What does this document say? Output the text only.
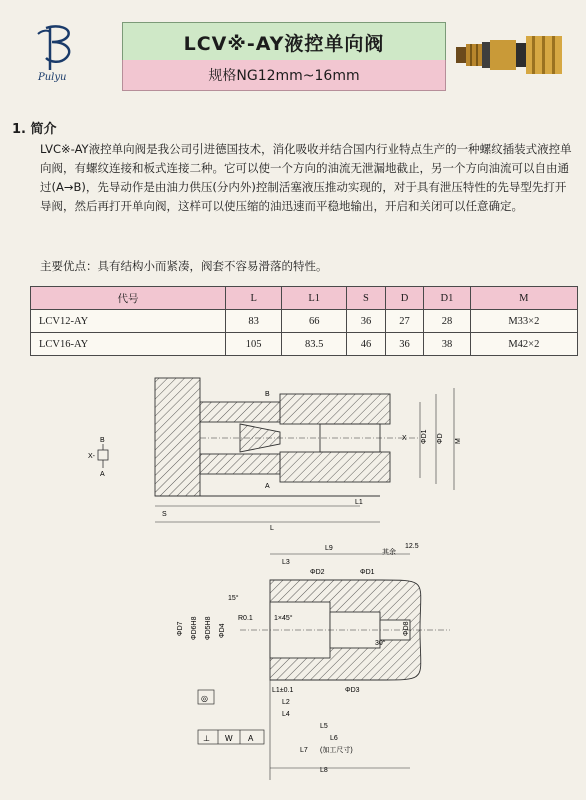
Pulyu
LCV※-AY液控单向阀
规格NG12mm~16mm
1. 简介

LVC※-AY液控单向阀是我公司引进德国技术，消化吸收并结合国内行业特点生产的一种螺纹插装式液控单向阀，有螺纹连接和板式连接二种。它可以使一个方向的油流无泄漏地截止，另一个方向油流可以自由通过(A→B)，先导动作是由油力供压(分内外)控制活塞液压推动实现的，对于具有泄压特性的先导型先打开导阀，然后再打开单向阀，这样可以使压缩的油迅速而平稳地输出，开启和关闭可以任意确定。

主要优点：具有结构小而紧凑，阀套不容易滑落的特性。
代号	L	L1	S	D	D1	M
LCV12-AY	83	66	36	27	28	M33×2
LCV16-AY	105	83.5	46	36	38	M42×2
B
A
X-
L1
L
S
B
A
X ΦD1 ΦD M
L9
L3
ΦD2	ΦD1
其余
12.5
15°
R0.1	1×45°
ΦD7 ΦD6H8 ΦD5H8 ΦD4
ΦD3
ΦD8
30°
L1±0.1
L2
L4
L5
L6
L7 (加工尺寸)
L8
⊥ W A
◎
